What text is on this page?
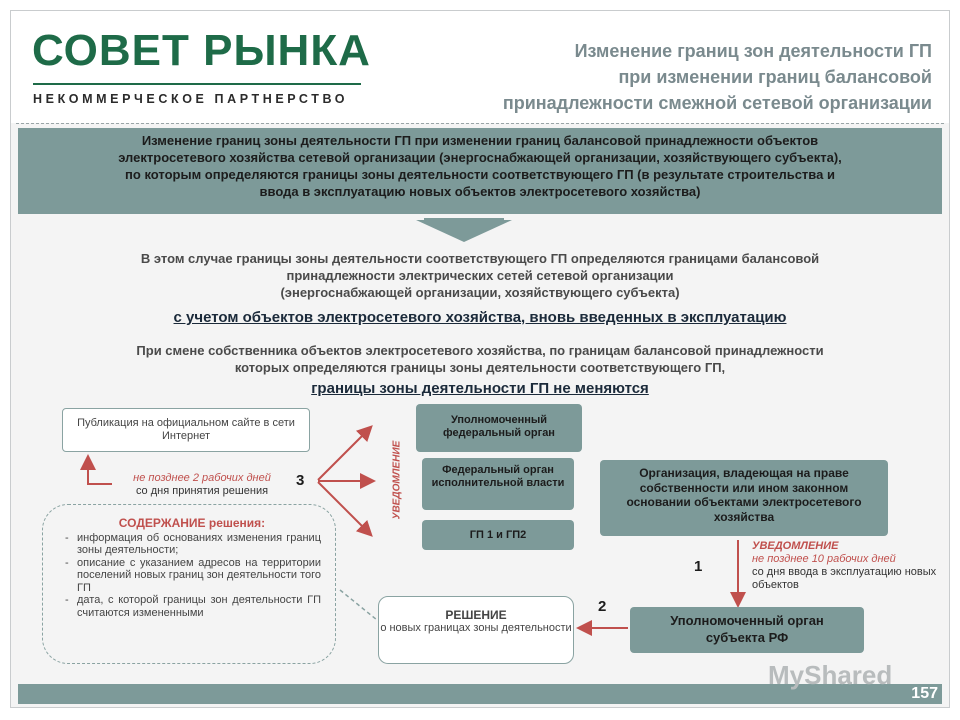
СОВЕТ РЫНКА
НЕКОММЕРЧЕСКОЕ ПАРТНЕРСТВО
Изменение границ зон деятельности ГП
при изменении границ балансовой
принадлежности смежной сетевой организации
Изменение границ зоны деятельности ГП при изменении границ балансовой принадлежности объектов
электросетевого хозяйства сетевой организации (энергоснабжающей организации, хозяйствующего субъекта),
по которым определяются границы зоны деятельности соответствующего ГП (в результате строительства и
ввода в эксплуатацию новых объектов электросетевого хозяйства)
В этом случае границы зоны деятельности соответствующего ГП определяются границами балансовой
принадлежности электрических сетей сетевой организации
(энергоснабжающей организации, хозяйствующего субъекта)
с учетом объектов электросетевого хозяйства, вновь введенных в эксплуатацию
При смене собственника объектов электросетевого хозяйства, по границам балансовой принадлежности
которых определяются границы зоны деятельности соответствующего ГП,
границы зоны деятельности ГП не меняются
Публикация на официальном сайте в сети Интернет
не позднее 2 рабочих дней
со дня принятия решения
3
СОДЕРЖАНИЕ решения:
- информация об основаниях изменения границ зоны деятельности;
- описание с указанием адресов на территории поселений новых границ зон деятельности того ГП
- дата, с которой границы зон деятельности ГП считаются измененными
УВЕДОМЛЕНИЕ
Уполномоченный федеральный орган
Федеральный орган исполнительной власти
ГП 1 и ГП2
Организация, владеющая на праве собственности или ином законном основании объектами электросетевого хозяйства
УВЕДОМЛЕНИЕ
не позднее 10 рабочих дней
со дня ввода в эксплуатацию новых объектов
1
2
Уполномоченный орган субъекта РФ
РЕШЕНИЕ
о новых границах зоны деятельности
MyShared
157
